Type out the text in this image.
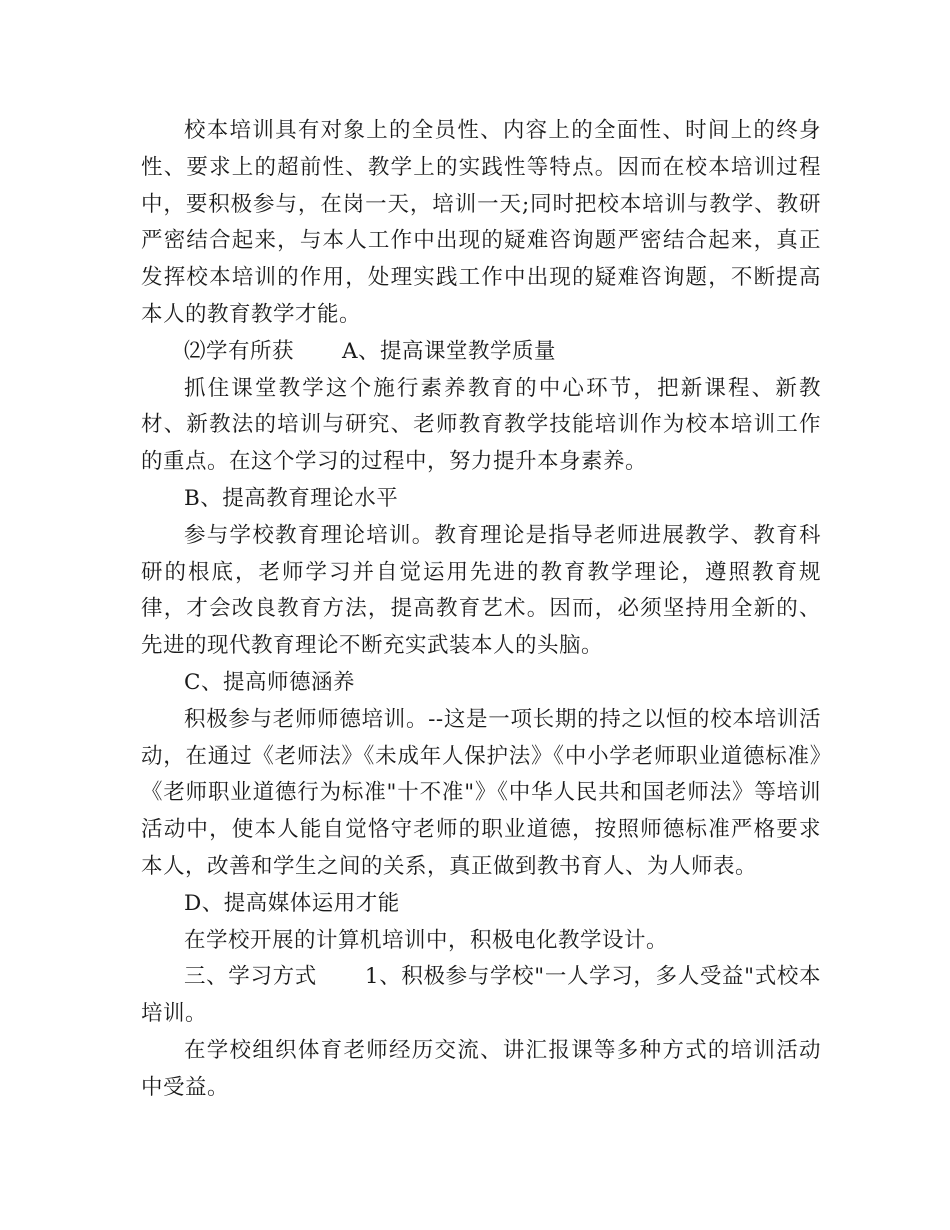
校本培训具有对象上的全员性、内容上的全面性、时间上的终身性、要求上的超前性、教学上的实践性等特点。因而在校本培训过程中，要积极参与，在岗一天，培训一天;同时把校本培训与教学、教研严密结合起来，与本人工作中出现的疑难咨询题严密结合起来，真正发挥校本培训的作用，处理实践工作中出现的疑难咨询题，不断提高本人的教育教学才能。

⑵学有所获 A、提高课堂教学质量

抓住课堂教学这个施行素养教育的中心环节，把新课程、新教材、新教法的培训与研究、老师教育教学技能培训作为校本培训工作的重点。在这个学习的过程中，努力提升本身素养。

B、提高教育理论水平

参与学校教育理论培训。教育理论是指导老师进展教学、教育科研的根底，老师学习并自觉运用先进的教育教学理论，遵照教育规律，才会改良教育方法，提高教育艺术。因而，必须坚持用全新的、先进的现代教育理论不断充实武装本人的头脑。

C、提高师德涵养

积极参与老师师德培训。--这是一项长期的持之以恒的校本培训活动，在通过《老师法》《未成年人保护法》《中小学老师职业道德标准》《老师职业道德行为标准"十不准"》《中华人民共和国老师法》等培训活动中，使本人能自觉恪守老师的职业道德，按照师德标准严格要求本人，改善和学生之间的关系，真正做到教书育人、为人师表。

D、提高媒体运用才能

在学校开展的计算机培训中，积极电化教学设计。

三、学习方式 1、积极参与学校"一人学习，多人受益"式校本培训。

在学校组织体育老师经历交流、讲汇报课等多种方式的培训活动中受益。
